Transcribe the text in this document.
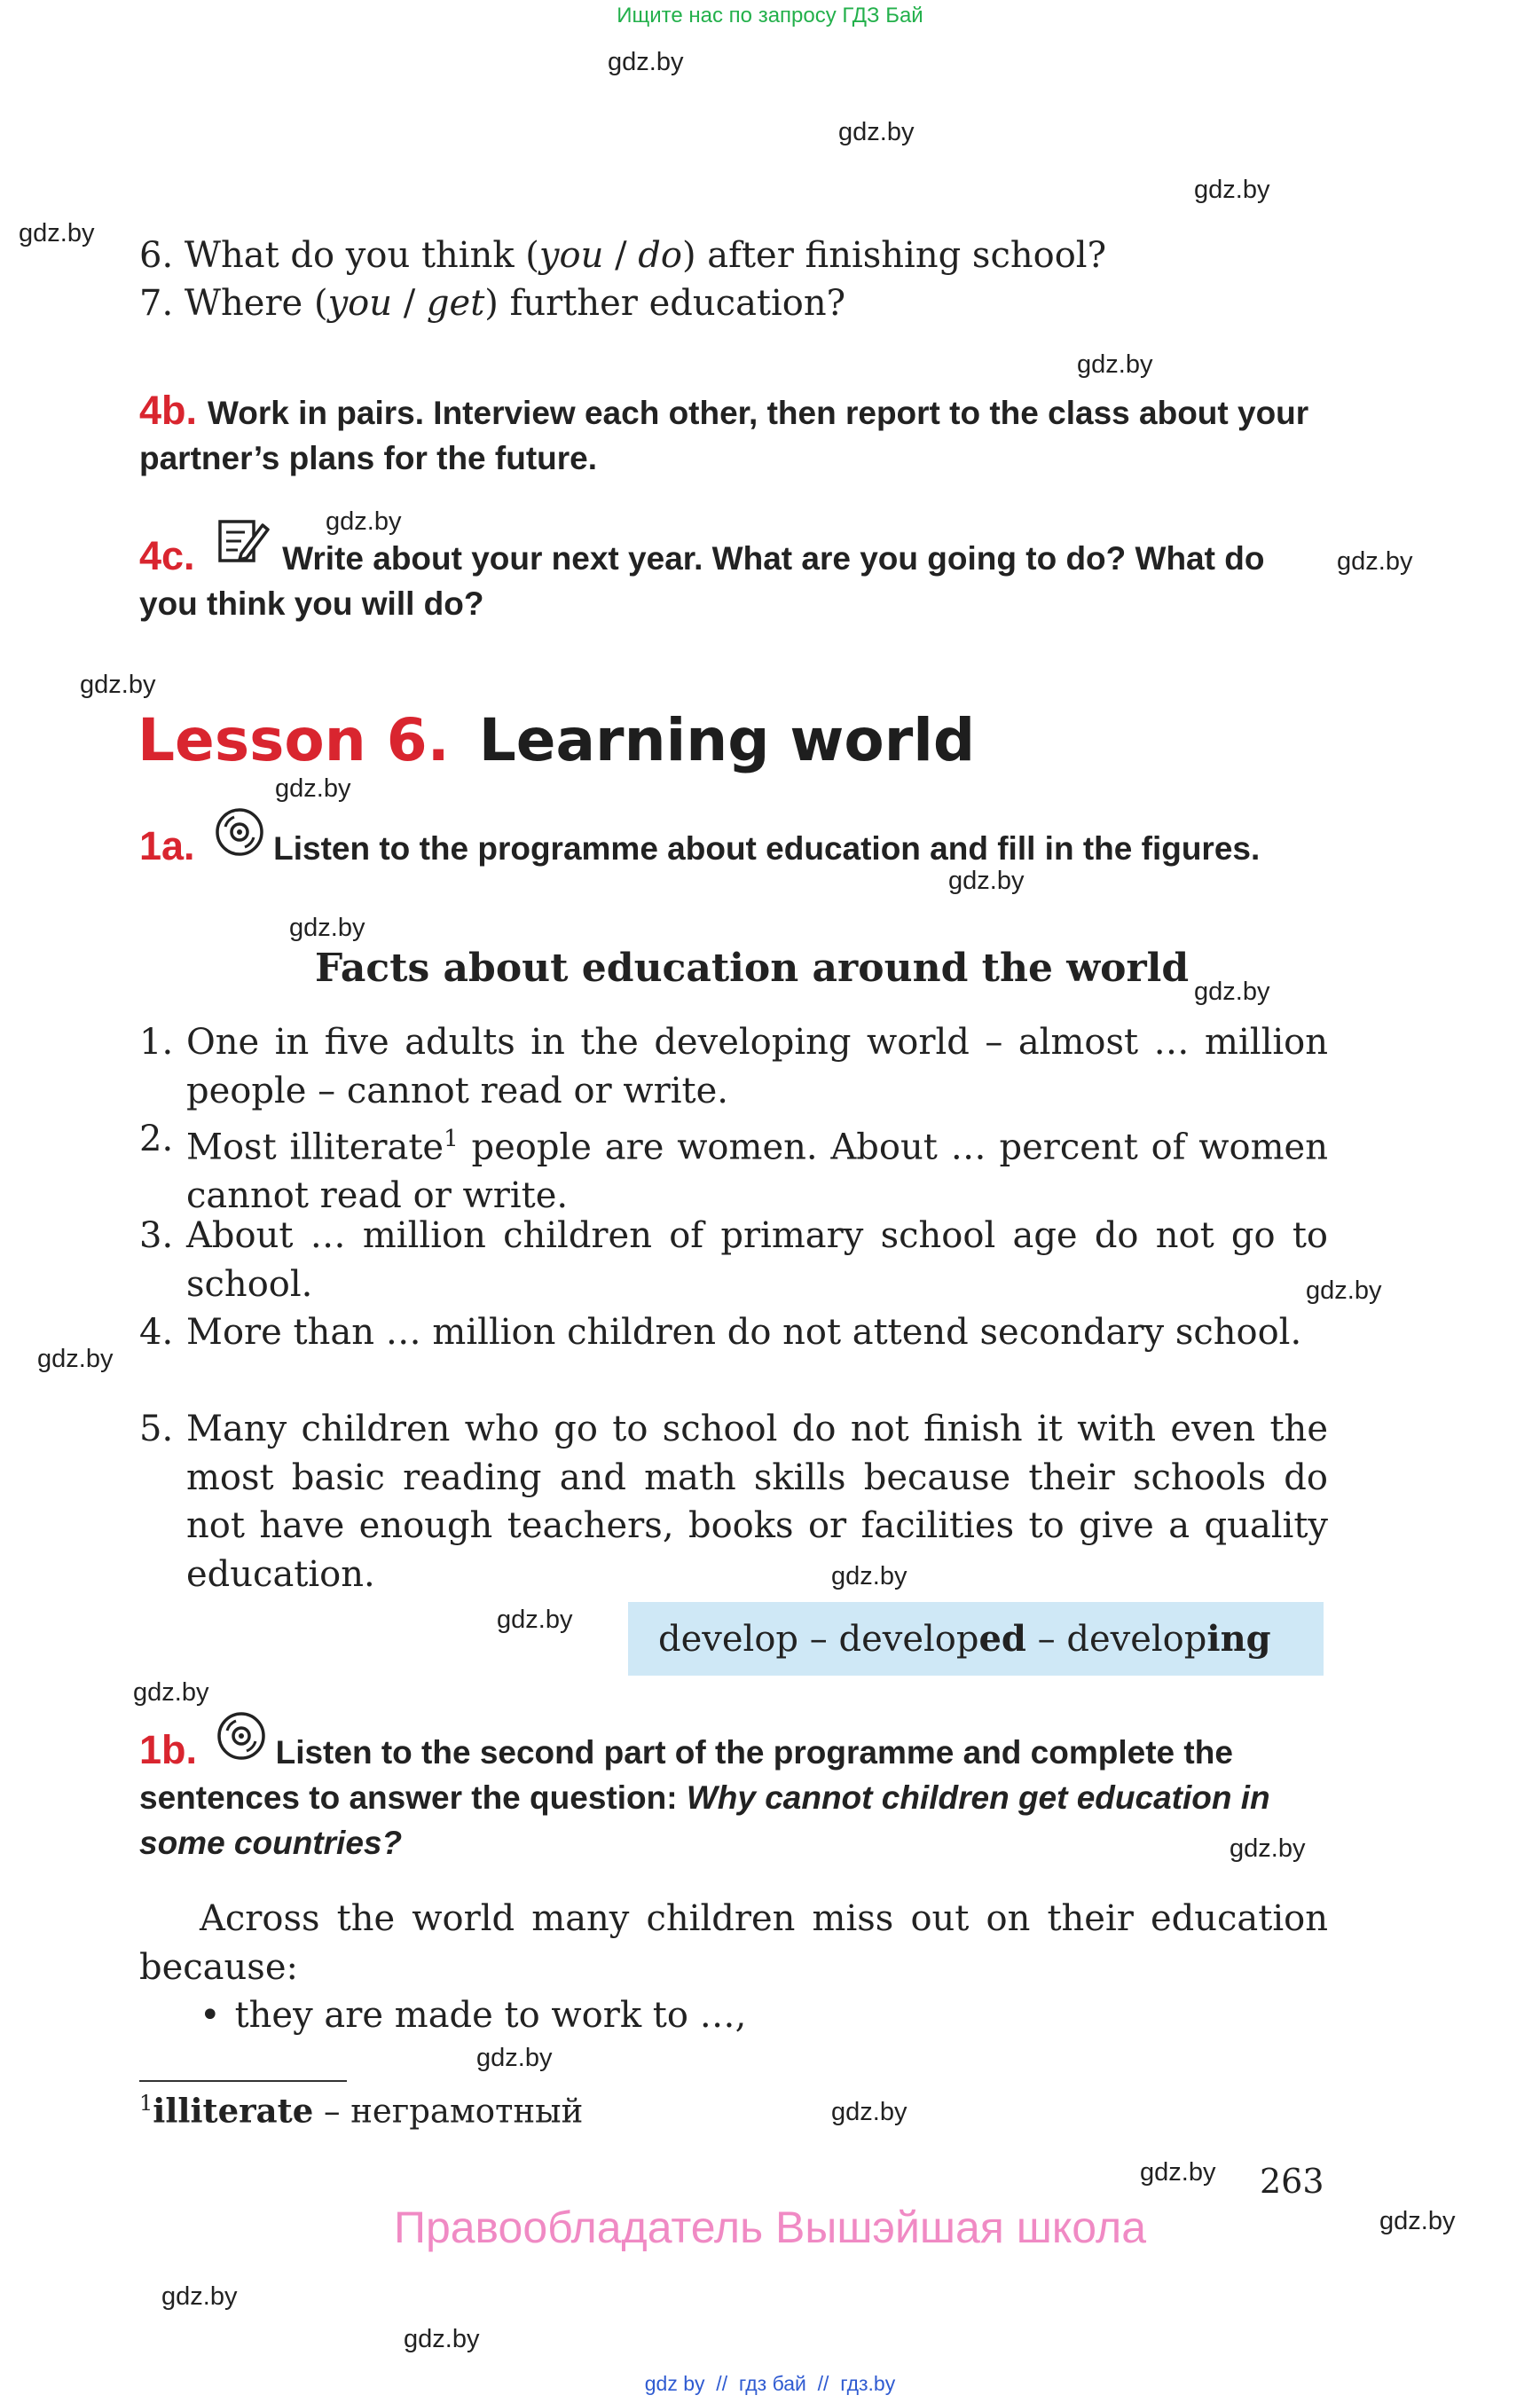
Ищите нас по запросу ГДЗ Бай
gdz.by
gdz.by
gdz.by
gdz.by
gdz.by
gdz.by
gdz.by
gdz.by
gdz.by
gdz.by
gdz.by
gdz.by
gdz.by
gdz.by
gdz.by
gdz.by
gdz.by
gdz.by
gdz.by
gdz.by
gdz.by
gdz.by
gdz.by
gdz.by
6. What do you think (you / do) after finishing school?
7. Where (you / get) further education?
4b. Work in pairs. Interview each other, then report to the class about your partner’s plans for the future.
4c.	Write about your next year. What are you going to do? What do you think you will do?
Lesson 6. Learning world
1a. Listen to the programme about education and fill in the figures.
Facts about education around the world
1. One in five adults in the developing world – almost … million people – cannot read or write.
2. Most illiterate$^1$ people are women. About … percent of women cannot read or write.
3. About … million children of primary school age do not go to school.
4. More than … million children do not attend secondary school.
5. Many children who go to school do not finish it with even the most basic reading and math skills because their schools do not have enough teachers, books or facilities to give a quality education.
develop – developed – developing
1b. Listen to the second part of the programme and complete the sentences to answer the question: Why cannot children get education in some countries?
Across the world many children miss out on their education because:
• they are made to work to …,
$^1$illiterate – неграмотный
263
Правообладатель Вышэйшая школа
gdz by  //  гдз бай  //  гдз.by
